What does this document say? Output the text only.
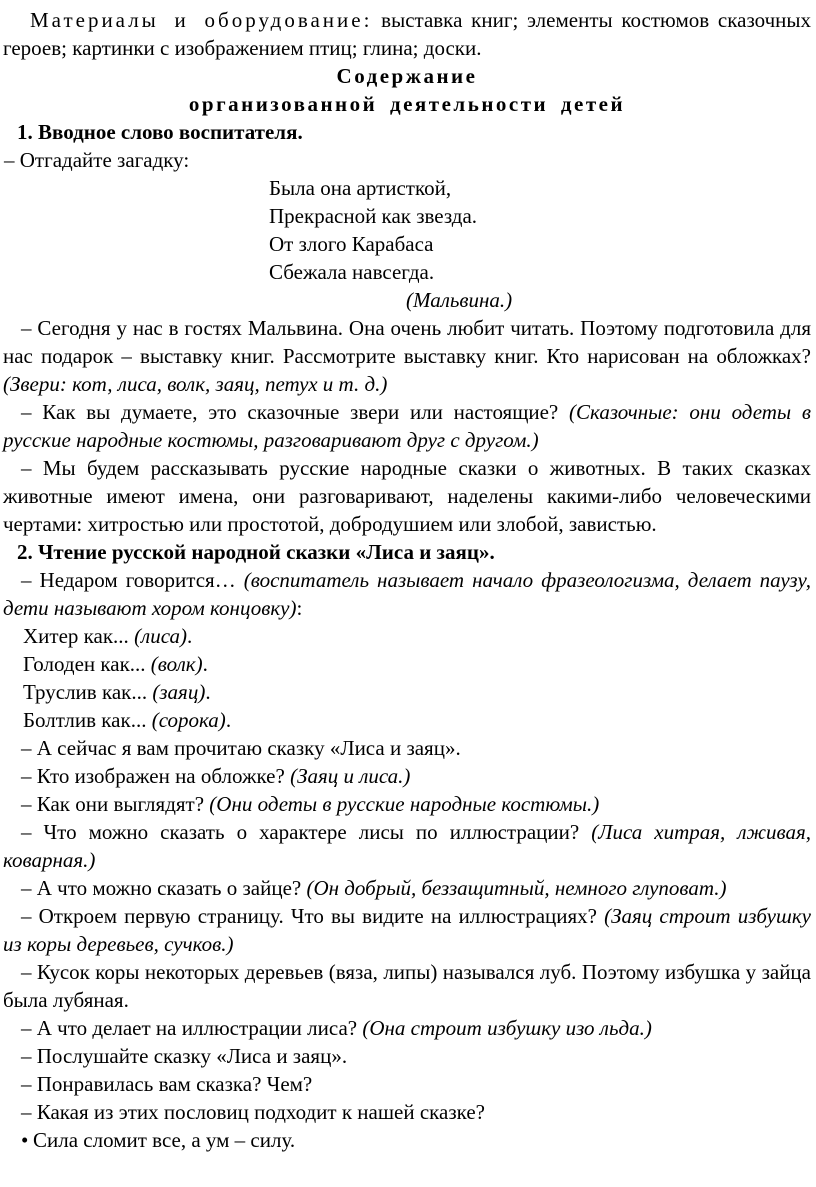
Материалы и оборудование: выставка книг; элементы костюмов сказочных героев; картинки с изображением птиц; глина; доски.

Содержание
организованной деятельности детей

1. Вводное слово воспитателя.

– Отгадайте загадку:

Была она артисткой,
Прекрасной как звезда.
От злого Карабаса
Сбежала навсегда.

(Мальвина.)

– Сегодня у нас в гостях Мальвина. Она очень любит читать. Поэтому подготовила для нас подарок – выставку книг. Рассмотрите выставку книг. Кто нарисован на обложках? (Звери: кот, лиса, волк, заяц, петух и т. д.)

– Как вы думаете, это сказочные звери или настоящие? (Сказочные: они одеты в русские народные костюмы, разговаривают друг с другом.)

– Мы будем рассказывать русские народные сказки о животных. В таких сказках животные имеют имена, они разговаривают, наделены какими-либо человеческими чертами: хитростью или простотой, добродушием или злобой, завистью.

2. Чтение русской народной сказки «Лиса и заяц».

– Недаром говорится… (воспитатель называет начало фразеологизма, делает паузу, дети называют хором концовку):

Хитер как... (лиса).

Голоден как... (волк).

Труслив как... (заяц).

Болтлив как... (сорока).

– А сейчас я вам прочитаю сказку «Лиса и заяц».

– Кто изображен на обложке? (Заяц и лиса.)

– Как они выглядят? (Они одеты в русские народные костюмы.)

– Что можно сказать о характере лисы по иллюстрации? (Лиса хитрая, лживая, коварная.)

– А что можно сказать о зайце? (Он добрый, беззащитный, немного глуповат.)

– Откроем первую страницу. Что вы видите на иллюстрациях? (Заяц строит избушку из коры деревьев, сучков.)

– Кусок коры некоторых деревьев (вяза, липы) назывался луб. Поэтому избушка у зайца была лубяная.

– А что делает на иллюстрации лиса? (Она строит избушку изо льда.)

– Послушайте сказку «Лиса и заяц».

– Понравилась вам сказка? Чем?

– Какая из этих пословиц подходит к нашей сказке?

• Сила сломит все, а ум – силу.
